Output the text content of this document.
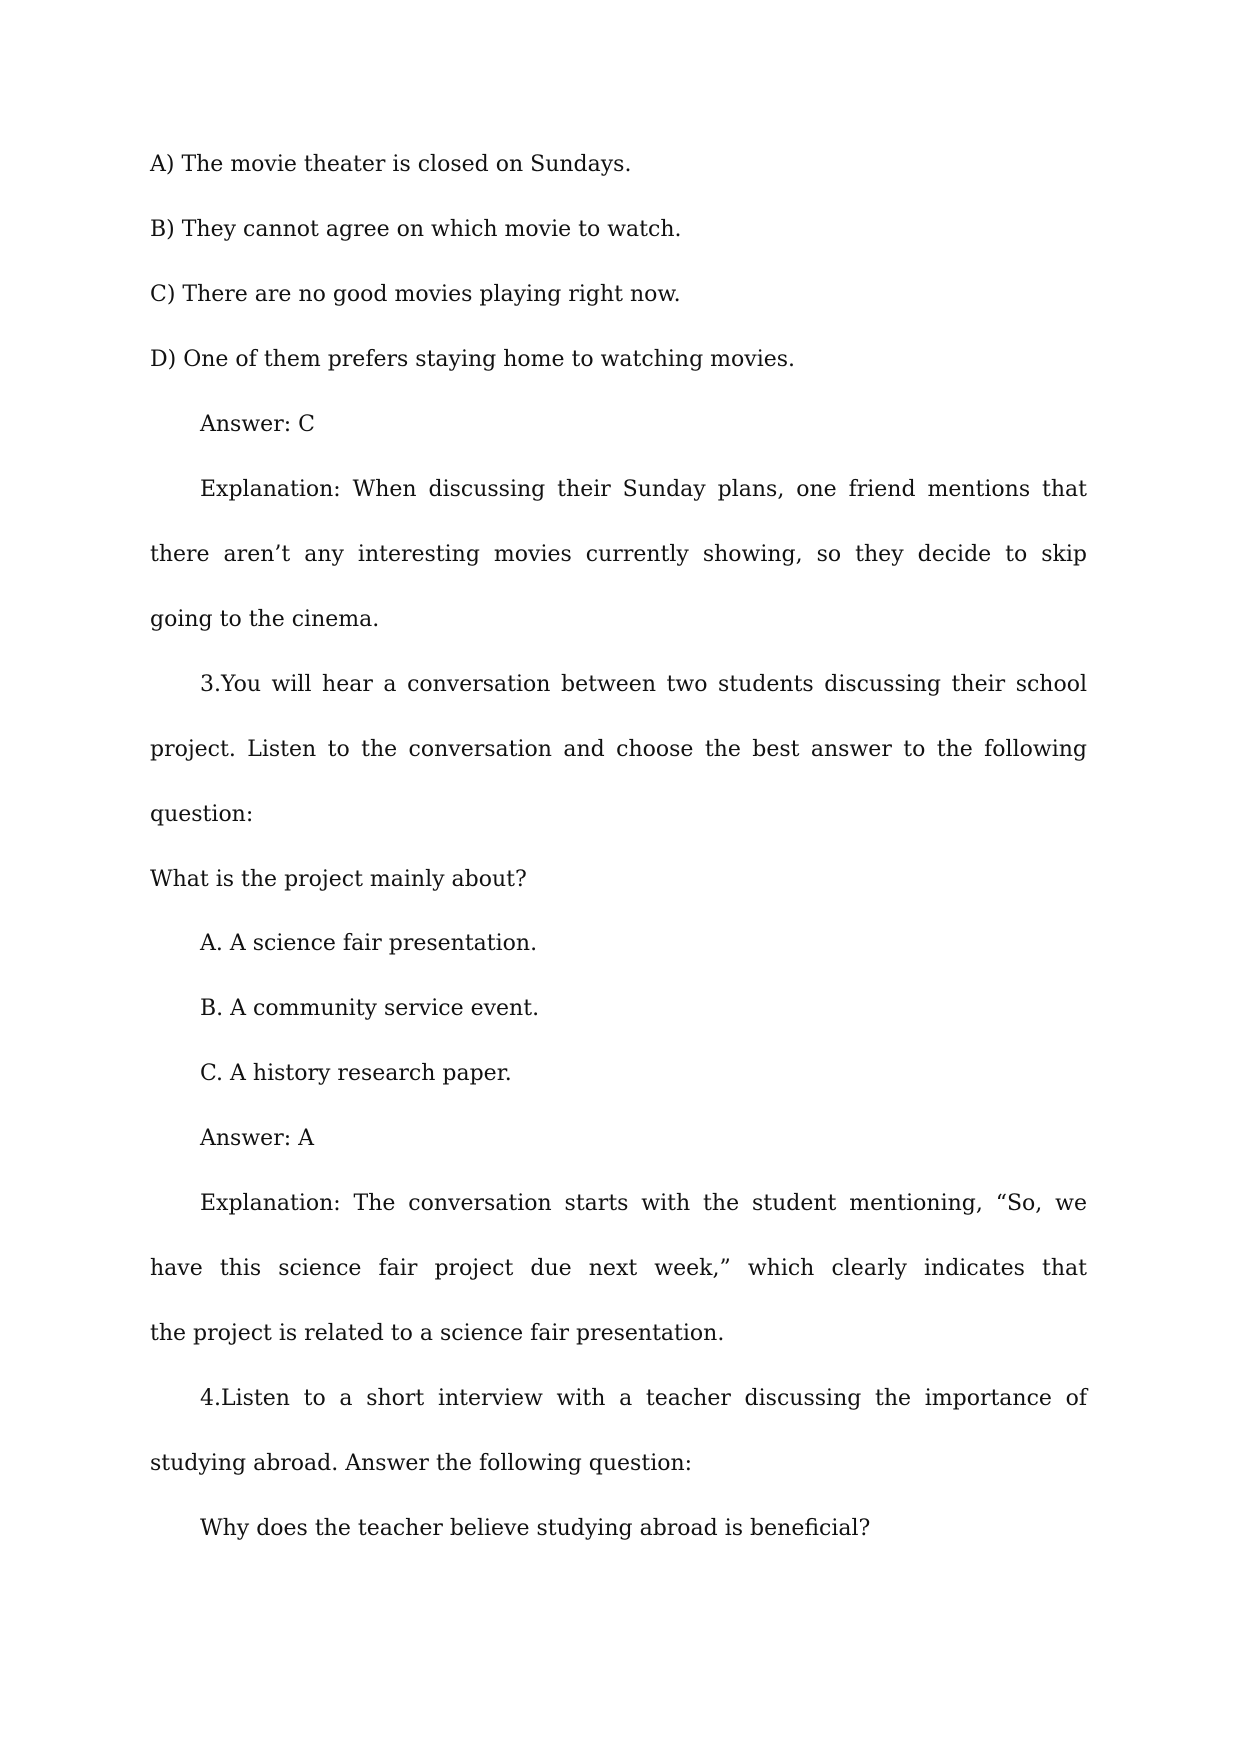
A) The movie theater is closed on Sundays.
B) They cannot agree on which movie to watch.
C) There are no good movies playing right now.
D) One of them prefers staying home to watching movies.
Answer: C
Explanation: When discussing their Sunday plans, one friend mentions that
there aren’t any interesting movies currently showing, so they decide to skip
going to the cinema.
3.You will hear a conversation between two students discussing their school
project. Listen to the conversation and choose the best answer to the following
question:
What is the project mainly about?
A. A science fair presentation.
B. A community service event.
C. A history research paper.
Answer: A
Explanation: The conversation starts with the student mentioning, “So, we
have this science fair project due next week,” which clearly indicates that
the project is related to a science fair presentation.
4.Listen to a short interview with a teacher discussing the importance of
studying abroad. Answer the following question:
Why does the teacher believe studying abroad is beneficial?
